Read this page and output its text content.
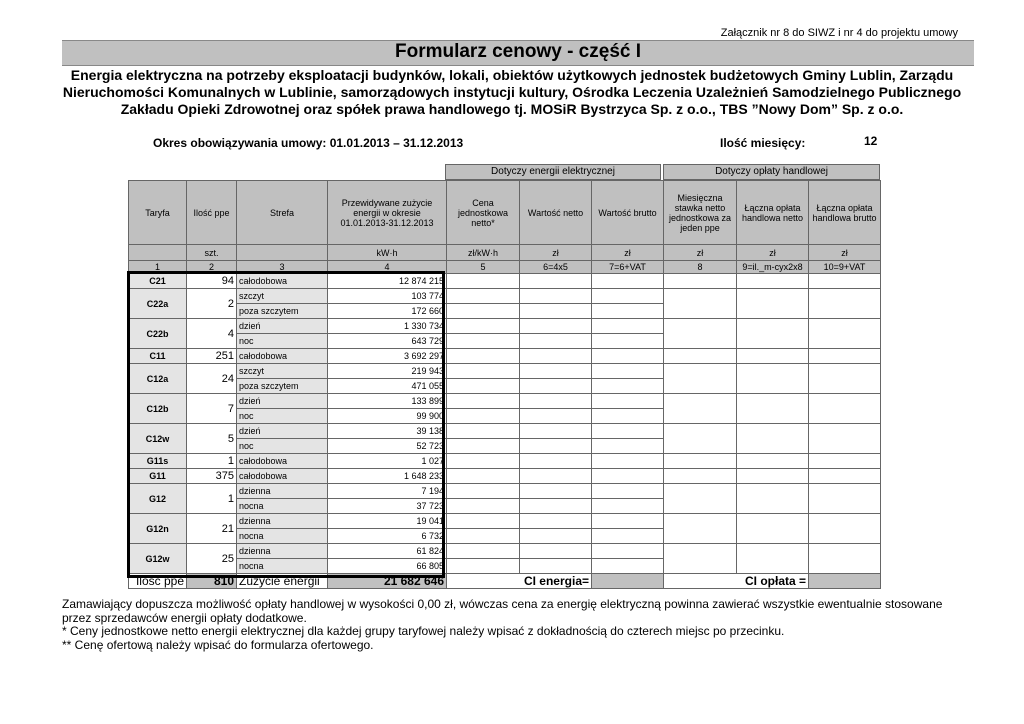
Załącznik nr 8 do SIWZ i nr 4 do projektu umowy
Formularz cenowy - część I
Energia elektryczna na potrzeby eksploatacji budynków, lokali, obiektów użytkowych jednostek budżetowych Gminy Lublin, Zarządu Nieruchomości Komunalnych w Lublinie, samorządowych instytucji kultury, Ośrodka Leczenia Uzależnień Samodzielnego Publicznego Zakładu Opieki Zdrowotnej oraz spółek prawa handlowego tj. MOSiR Bystrzyca Sp. z o.o., TBS ”Nowy Dom” Sp. z o.o.
Okres obowiązywania umowy: 01.01.2013 – 31.12.2013	Ilość miesięcy:	12
Dotyczy energii elektrycznej	Dotyczy opłaty handlowej
Taryfa	Ilość ppe	Strefa	Przewidywane zużycie energii w okresie 01.01.2013-31.12.2013	Cena jednostkowa netto*	Wartość netto	Wartość brutto	Miesięczna stawka netto jednostkowa za jeden ppe	Łączna opłata handlowa netto	Łączna opłata handlowa brutto
	szt.		kW·h	zł/kW·h	zł	zł	zł	zł	zł
1	2	3	4	5	6=4x5	7=6+VAT	8	9=il._m-cyx2x8	10=9+VAT
C21	94	całodobowa	12 874 215						
C22a	2	szczyt	103 774						
		poza szczytem	172 660						
C22b	4	dzień	1 330 734						
		noc	643 729						
C11	251	całodobowa	3 692 297						
C12a	24	szczyt	219 943						
		poza szczytem	471 055						
C12b	7	dzień	133 899						
		noc	99 900						
C12w	5	dzień	39 138						
		noc	52 723						
G11s	1	całodobowa	1 027						
G11	375	całodobowa	1 648 233						
G12	1	dzienna	7 194						
		nocna	37 723						
G12n	21	dzienna	19 041						
		nocna	6 732						
G12w	25	dzienna	61 824						
		nocna	66 805						
Ilość ppe	810	Zużycie energii	21 682 646	CI energia=			CI opłata =		
Zamawiający dopuszcza możliwość opłaty handlowej w wysokości 0,00 zł, wówczas cena za energię elektryczną powinna zawierać wszystkie ewentualnie stosowane przez sprzedawców energii opłaty dodatkowe.
* Ceny jednostkowe netto energii elektrycznej dla każdej grupy taryfowej należy wpisać z dokładnością do czterech miejsc po przecinku.
** Cenę ofertową należy wpisać do formularza ofertowego.
